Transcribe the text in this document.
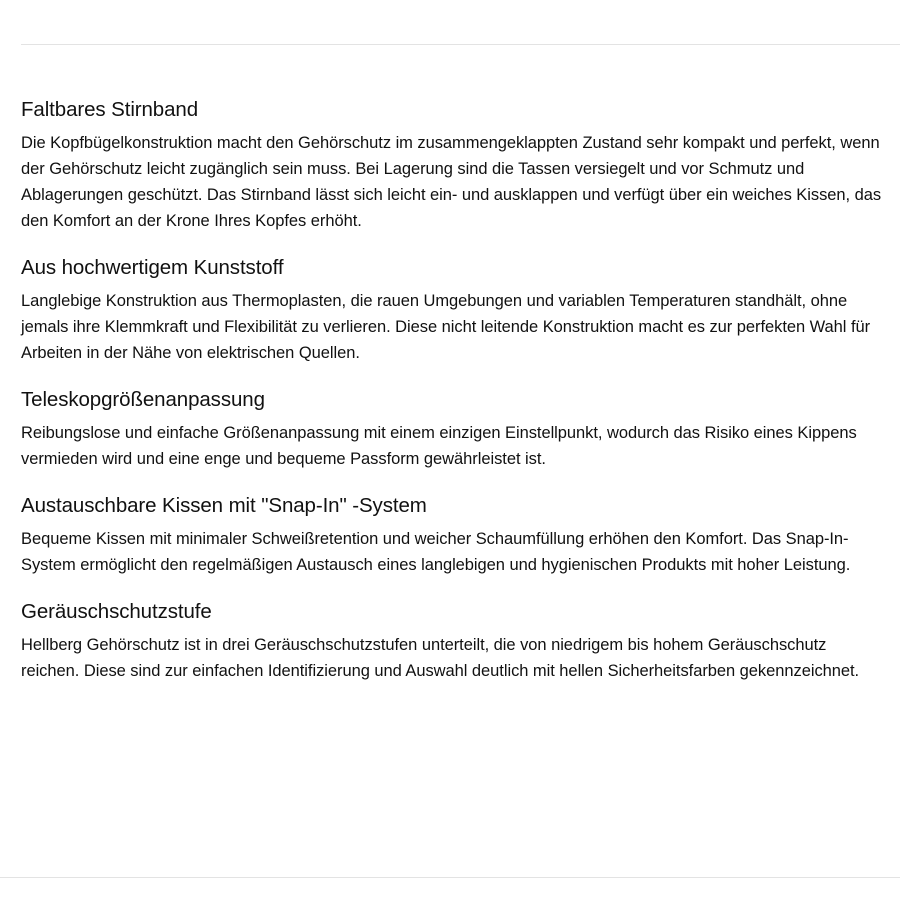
Faltbares Stirnband

Die Kopfbügelkonstruktion macht den Gehörschutz im zusammengeklappten Zustand sehr kompakt und perfekt, wenn der Gehörschutz leicht zugänglich sein muss. Bei Lagerung sind die Tassen versiegelt und vor Schmutz und Ablagerungen geschützt. Das Stirnband lässt sich leicht ein- und ausklappen und verfügt über ein weiches Kissen, das den Komfort an der Krone Ihres Kopfes erhöht.

Aus hochwertigem Kunststoff

Langlebige Konstruktion aus Thermoplasten, die rauen Umgebungen und variablen Temperaturen standhält, ohne jemals ihre Klemmkraft und Flexibilität zu verlieren. Diese nicht leitende Konstruktion macht es zur perfekten Wahl für Arbeiten in der Nähe von elektrischen Quellen.

Teleskopgrößenanpassung

Reibungslose und einfache Größenanpassung mit einem einzigen Einstellpunkt, wodurch das Risiko eines Kippens vermieden wird und eine enge und bequeme Passform gewährleistet ist.

Austauschbare Kissen mit "Snap-In" -System

Bequeme Kissen mit minimaler Schweißretention und weicher Schaumfüllung erhöhen den Komfort. Das Snap-In-System ermöglicht den regelmäßigen Austausch eines langlebigen und hygienischen Produkts mit hoher Leistung.

Geräuschschutzstufe

Hellberg Gehörschutz ist in drei Geräuschschutzstufen unterteilt, die von niedrigem bis hohem Geräuschschutz reichen. Diese sind zur einfachen Identifizierung und Auswahl deutlich mit hellen Sicherheitsfarben gekennzeichnet.
